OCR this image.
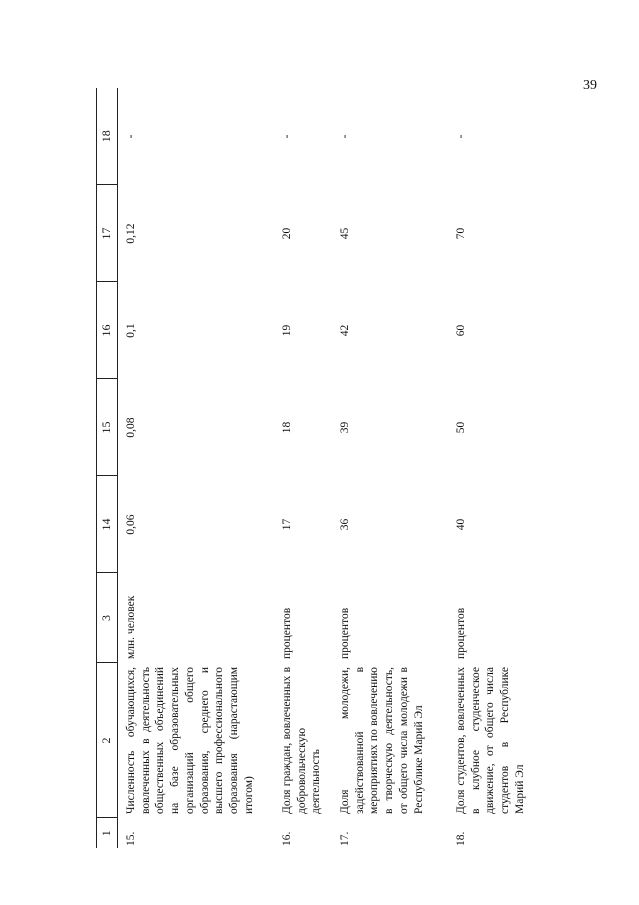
39
1	2	3	14	15	16	17	18
15.	Численность обучающихся, вовлеченных в деятельность общественных объединений на базе образовательных организаций общего образования, среднего и высшего профессионального образования (нарастающим итогом)	млн. человек	0,06	0,08	0,1	0,12	-
16.	Доля граждан, вовлеченных в добровольческую деятельность	процентов	17	18	19	20	-
17.	Доля молодежи, задействованной в мероприятиях по вовлечению в творческую деятельность, от общего числа молодежи в Республике Марий Эл	процентов	36	39	42	45	-
18.	Доля студентов, вовлеченных в клубное студенческое движение, от общего числа студентов в Республике Марий Эл	процентов	40	50	60	70	-
